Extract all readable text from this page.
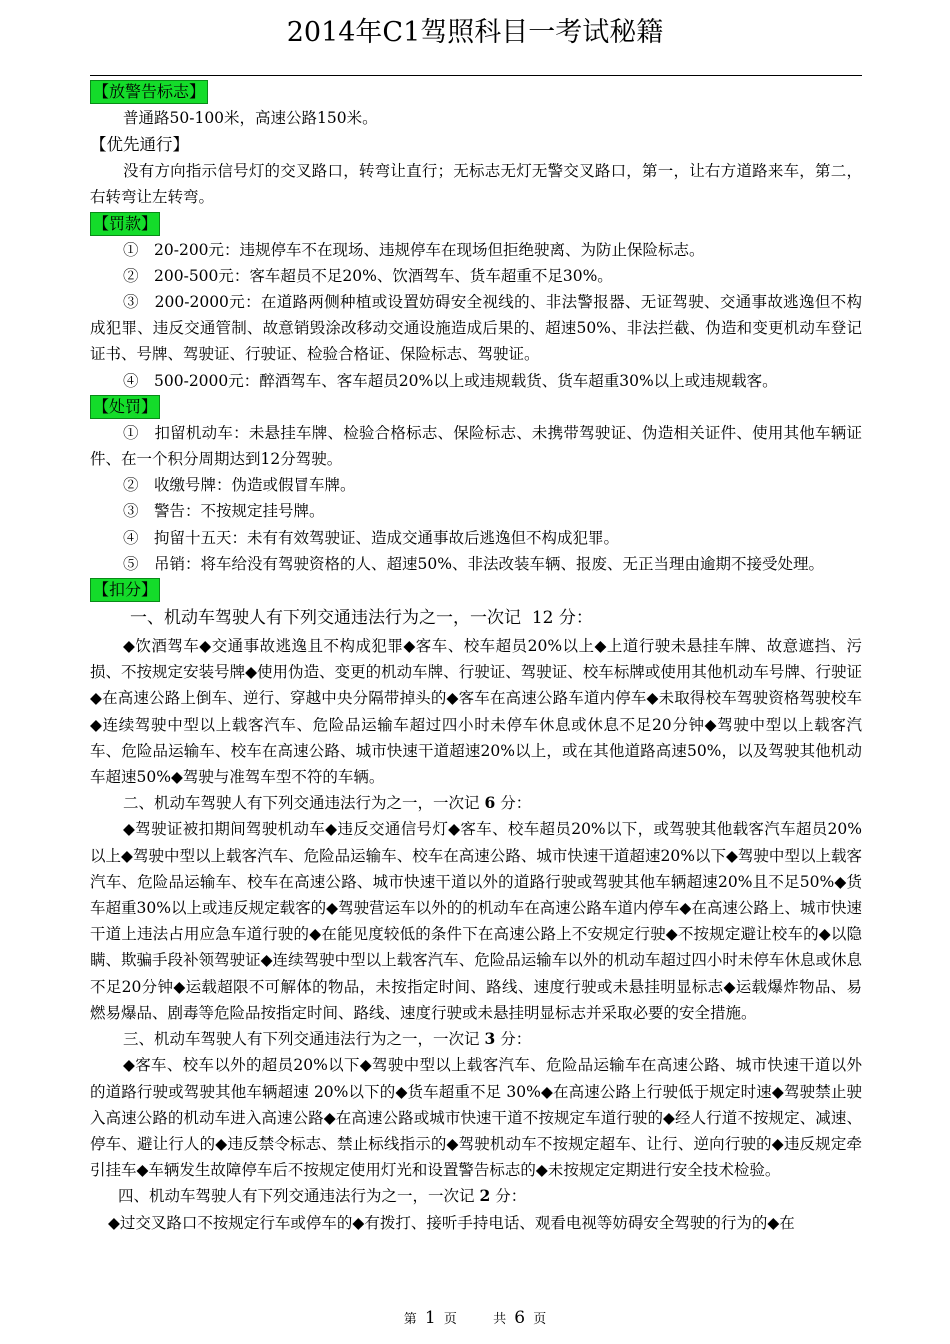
2014年C1驾照科目一考试秘籍
【放警告标志】

普通路50-100米，高速公路150米。

【优先通行】

没有方向指示信号灯的交叉路口，转弯让直行；无标志无灯无警交叉路口，第一，让右方道路来车，第二，右转弯让左转弯。

【罚款】

①　20-200元：违规停车不在现场、违规停车在现场但拒绝驶离、为防止保险标志。

②　200-500元：客车超员不足20%、饮酒驾车、货车超重不足30%。

③　200-2000元：在道路两侧种植或设置妨碍安全视线的、非法警报器、无证驾驶、交通事故逃逸但不构成犯罪、违反交通管制、故意销毁涂改移动交通设施造成后果的、超速50%、非法拦截、伪造和变更机动车登记证书、号牌、驾驶证、行驶证、检验合格证、保险标志、驾驶证。

④　500-2000元：醉酒驾车、客车超员20%以上或违规载货、货车超重30%以上或违规载客。

【处罚】

①　扣留机动车：未悬挂车牌、检验合格标志、保险标志、未携带驾驶证、伪造相关证件、使用其他车辆证件、在一个积分周期达到12分驾驶。

②　收缴号牌：伪造或假冒车牌。

③　警告：不按规定挂号牌。

④　拘留十五天：未有有效驾驶证、造成交通事故后逃逸但不构成犯罪。

⑤　吊销：将车给没有驾驶资格的人、超速50%、非法改装车辆、报废、无正当理由逾期不接受处理。

【扣分】

一、机动车驾驶人有下列交通违法行为之一，一次记 12 分：

◆饮酒驾车◆交通事故逃逸且不构成犯罪◆客车、校车超员20%以上◆上道行驶未悬挂车牌、故意遮挡、污损、不按规定安装号牌◆使用伪造、变更的机动车牌、行驶证、驾驶证、校车标牌或使用其他机动车号牌、行驶证◆在高速公路上倒车、逆行、穿越中央分隔带掉头的◆客车在高速公路车道内停车◆未取得校车驾驶资格驾驶校车◆连续驾驶中型以上载客汽车、危险品运输车超过四小时未停车休息或休息不足20分钟◆驾驶中型以上载客汽车、危险品运输车、校车在高速公路、城市快速干道超速20%以上，或在其他道路高速50%，以及驾驶其他机动车超速50%◆驾驶与准驾车型不符的车辆。

二、机动车驾驶人有下列交通违法行为之一，一次记 6 分：

◆驾驶证被扣期间驾驶机动车◆违反交通信号灯◆客车、校车超员20%以下，或驾驶其他载客汽车超员20%以上◆驾驶中型以上载客汽车、危险品运输车、校车在高速公路、城市快速干道超速20%以下◆驾驶中型以上载客汽车、危险品运输车、校车在高速公路、城市快速干道以外的道路行驶或驾驶其他车辆超速20%且不足50%◆货车超重30%以上或违反规定载客的◆驾驶营运车以外的的机动车在高速公路车道内停车◆在高速公路上、城市快速干道上违法占用应急车道行驶的◆在能见度较低的条件下在高速公路上不安规定行驶◆不按规定避让校车的◆以隐瞒、欺骗手段补领驾驶证◆连续驾驶中型以上载客汽车、危险品运输车以外的机动车超过四小时未停车休息或休息不足20分钟◆运载超限不可解体的物品，未按指定时间、路线、速度行驶或未悬挂明显标志◆运载爆炸物品、易燃易爆品、剧毒等危险品按指定时间、路线、速度行驶或未悬挂明显标志并采取必要的安全措施。

三、机动车驾驶人有下列交通违法行为之一，一次记 3 分：

◆客车、校车以外的超员20%以下◆驾驶中型以上载客汽车、危险品运输车在高速公路、城市快速干道以外的道路行驶或驾驶其他车辆超速 20%以下的◆货车超重不足 30%◆在高速公路上行驶低于规定时速◆驾驶禁止驶入高速公路的机动车进入高速公路◆在高速公路或城市快速干道不按规定车道行驶的◆经人行道不按规定、减速、停车、避让行人的◆违反禁令标志、禁止标线指示的◆驾驶机动车不按规定超车、让行、逆向行驶的◆违反规定牵引挂车◆车辆发生故障停车后不按规定使用灯光和设置警告标志的◆未按规定定期进行安全技术检验。

四、机动车驾驶人有下列交通违法行为之一，一次记 2 分：

◆过交叉路口不按规定行车或停车的◆有拨打、接听手持电话、观看电视等妨碍安全驾驶的行为的◆在

第 1 页	共 6 页
